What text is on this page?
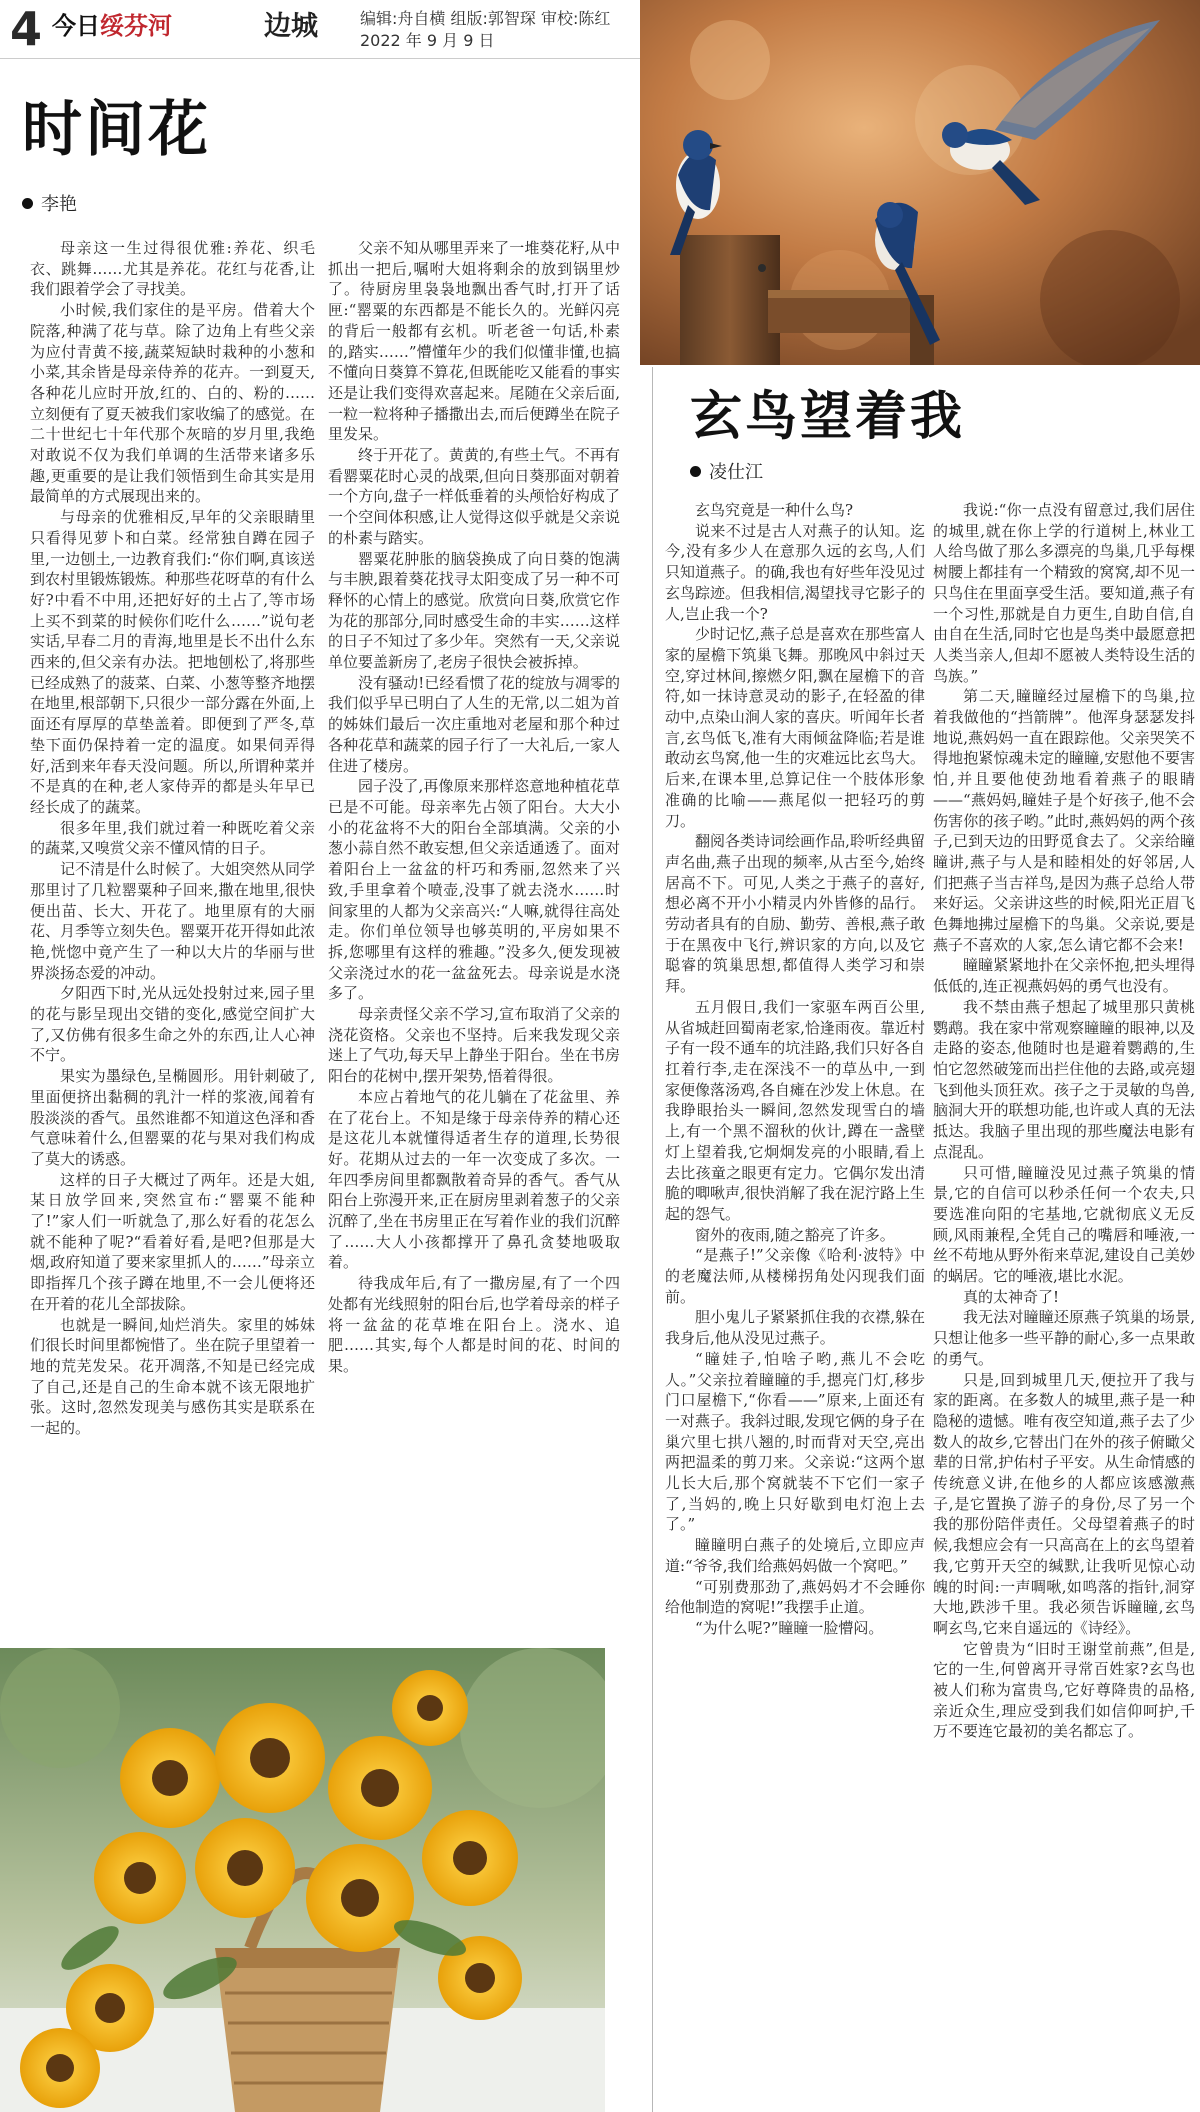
4 今日绥芬河	边城	编辑:舟自横 组版:郭智琛 审校:陈红
2022 年 9 月 9 日
时间花
李艳

母亲这一生过得很优雅:养花、织毛衣、跳舞……尤其是养花。花红与花香,让我们跟着学会了寻找美。

小时候,我们家住的是平房。借着大个院落,种满了花与草。除了边角上有些父亲为应付青黄不接,蔬菜短缺时栽种的小葱和小菜,其余皆是母亲侍养的花卉。一到夏天,各种花儿应时开放,红的、白的、粉的……立刻便有了夏天被我们家收编了的感觉。在二十世纪七十年代那个灰暗的岁月里,我绝对敢说不仅为我们单调的生活带来诸多乐趣,更重要的是让我们领悟到生命其实是用最简单的方式展现出来的。

与母亲的优雅相反,早年的父亲眼睛里只看得见萝卜和白菜。经常独自蹲在园子里,一边刨土,一边教育我们:“你们啊,真该送到农村里锻炼锻炼。种那些花呀草的有什么好?中看不中用,还把好好的土占了,等市场上买不到菜的时候你们吃什么……”说句老实话,早春二月的青海,地里是长不出什么东西来的,但父亲有办法。把地刨松了,将那些已经成熟了的菠菜、白菜、小葱等整齐地摆在地里,根部朝下,只很少一部分露在外面,上面还有厚厚的草垫盖着。即便到了严冬,草垫下面仍保持着一定的温度。如果伺弄得好,活到来年春天没问题。所以,所谓种菜并不是真的在种,老人家侍弄的都是头年早已经长成了的蔬菜。

很多年里,我们就过着一种既吃着父亲的蔬菜,又嗅赏父亲不懂风情的日子。

记不清是什么时候了。大姐突然从同学那里讨了几粒罂粟种子回来,撒在地里,很快便出苗、长大、开花了。地里原有的大丽花、月季等立刻失色。罂粟开花开得如此浓艳,恍惚中竟产生了一种以大片的华丽与世界淡扬态爱的冲动。

夕阳西下时,光从远处投射过来,园子里的花与影呈现出交错的变化,感觉空间扩大了,又仿佛有很多生命之外的东西,让人心神不宁。

果实为墨绿色,呈椭圆形。用针刺破了,里面便挤出黏稠的乳汁一样的浆液,闻着有股淡淡的香气。虽然谁都不知道这色泽和香气意味着什么,但罂粟的花与果对我们构成了莫大的诱惑。

这样的日子大概过了两年。还是大姐,某日放学回来,突然宣布:“罂粟不能种了!”家人们一听就急了,那么好看的花怎么就不能种了呢?“看着好看,是吧?但那是大烟,政府知道了要来家里抓人的……”母亲立即指挥几个孩子蹲在地里,不一会儿便将还在开着的花儿全部拔除。

也就是一瞬间,灿烂消失。家里的姊妹们很长时间里都惋惜了。坐在院子里望着一地的荒芜发呆。花开凋落,不知是已经完成了自己,还是自己的生命本就不该无限地扩张。这时,忽然发现美与感伤其实是联系在一起的。

父亲不知从哪里弄来了一堆葵花籽,从中抓出一把后,嘱咐大姐将剩余的放到锅里炒了。待厨房里袅袅地飘出香气时,打开了话匣:“罂粟的东西都是不能长久的。光鲜闪亮的背后一般都有玄机。听老爸一句话,朴素的,踏实……”懵懂年少的我们似懂非懂,也搞不懂向日葵算不算花,但既能吃又能看的事实还是让我们变得欢喜起来。尾随在父亲后面,一粒一粒将种子播撒出去,而后便蹲坐在院子里发呆。

终于开花了。黄黄的,有些土气。不再有看罂粟花时心灵的战栗,但向日葵那面对朝着一个方向,盘子一样低垂着的头颅恰好构成了一个空间体积感,让人觉得这似乎就是父亲说的朴素与踏实。

罂粟花肿胀的脑袋换成了向日葵的饱满与丰腴,跟着葵花找寻太阳变成了另一种不可释怀的心情上的感觉。欣赏向日葵,欣赏它作为花的那部分,同时感受生命的丰实……这样的日子不知过了多少年。突然有一天,父亲说单位要盖新房了,老房子很快会被拆掉。

没有骚动!已经看惯了花的绽放与凋零的我们似乎早已明白了人生的无常,以二姐为首的姊妹们最后一次庄重地对老屋和那个种过各种花草和蔬菜的园子行了一大礼后,一家人住进了楼房。

园子没了,再像原来那样恣意地种植花草已是不可能。母亲率先占领了阳台。大大小小的花盆将不大的阳台全部填满。父亲的小葱小蒜自然不敢妄想,但父亲适通透了。面对着阳台上一盆盆的杆巧和秀丽,忽然来了兴致,手里拿着个喷壶,没事了就去浇水……时间家里的人都为父亲高兴:“人嘛,就得往高处走。你们单位领导也够英明的,平房如果不拆,您哪里有这样的雅趣。”没多久,便发现被父亲浇过水的花一盆盆死去。母亲说是水浇多了。

母亲责怪父亲不学习,宣布取消了父亲的浇花资格。父亲也不坚持。后来我发现父亲迷上了气功,每天早上静坐于阳台。坐在书房阳台的花树中,摆开架势,悟着得很。

本应占着地气的花儿躺在了花盆里、养在了花台上。不知是缘于母亲侍养的精心还是这花儿本就懂得适者生存的道理,长势很好。花期从过去的一年一次变成了多次。一年四季房间里都飘散着奇异的香气。香气从阳台上弥漫开来,正在厨房里剥着葱子的父亲沉醉了,坐在书房里正在写着作业的我们沉醉了……大人小孩都撑开了鼻孔贪婪地吸取着。

待我成年后,有了一撒房屋,有了一个四处都有光线照射的阳台后,也学着母亲的样子将一盆盆的花草堆在阳台上。浇水、追肥……其实,每个人都是时间的花、时间的果。

玄鸟望着我
凌仕江

玄鸟究竟是一种什么鸟?

说来不过是古人对燕子的认知。迄今,没有多少人在意那久远的玄鸟,人们只知道燕子。的确,我也有好些年没见过玄鸟踪迹。但我相信,渴望找寻它影子的人,岂止我一个?

少时记忆,燕子总是喜欢在那些富人家的屋檐下筑巢飞舞。那晚风中斜过天空,穿过林间,擦燃夕阳,飘在屋檐下的音符,如一抹诗意灵动的影子,在轻盈的律动中,点染山涧人家的喜庆。听闻年长者言,玄鸟低飞,准有大雨倾盆降临;若是谁敢动玄鸟窝,他一生的灾难远比玄鸟大。后来,在课本里,总算记住一个肢体形象准确的比喻——燕尾似一把轻巧的剪刀。

翻阅各类诗词绘画作品,聆听经典留声名曲,燕子出现的频率,从古至今,始终居高不下。可见,人类之于燕子的喜好,想必离不开小小精灵内外皆修的品行。劳动者具有的自励、勤劳、善根,燕子敢于在黑夜中飞行,辨识家的方向,以及它聪睿的筑巢思想,都值得人类学习和崇拜。

五月假日,我们一家驱车两百公里,从省城赶回蜀南老家,恰逢雨夜。靠近村子有一段不通车的坑洼路,我们只好各自扛着行李,走在深浅不一的草丛中,一到家便像落汤鸡,各自瘫在沙发上休息。在我睁眼抬头一瞬间,忽然发现雪白的墙上,有一个黑不溜秋的伙计,蹲在一盏壁灯上望着我,它炯炯发亮的小眼睛,看上去比孩童之眼更有定力。它偶尔发出清脆的唧啾声,很快消解了我在泥泞路上生起的怨气。

窗外的夜雨,随之豁亮了许多。

“是燕子!”父亲像《哈利·波特》中的老魔法师,从楼梯拐角处闪现我们面前。

胆小鬼儿子紧紧抓住我的衣襟,躲在我身后,他从没见过燕子。

“瞳娃子,怕啥子哟,燕儿不会吃人。”父亲拉着瞳瞳的手,摁亮门灯,移步门口屋檐下,“你看——”原来,上面还有一对燕子。我斜过眼,发现它俩的身子在巢穴里七拱八翘的,时而背对天空,亮出两把温柔的剪刀来。父亲说:“这两个崽儿长大后,那个窝就装不下它们一家子了,当妈的,晚上只好歇到电灯泡上去了。”

瞳瞳明白燕子的处境后,立即应声道:“爷爷,我们给燕妈妈做一个窝吧。”

“可别费那劲了,燕妈妈才不会睡你给他制造的窝呢!”我摆手止道。

“为什么呢?”瞳瞳一脸懵闷。

我说:“你一点没有留意过,我们居住的城里,就在你上学的行道树上,林业工人给鸟做了那么多漂亮的鸟巢,几乎每棵树腰上都挂有一个精致的窝窝,却不见一只鸟住在里面享受生活。要知道,燕子有一个习性,那就是自力更生,自助自信,自由自在生活,同时它也是鸟类中最愿意把人类当亲人,但却不愿被人类特设生活的鸟族。”

第二天,瞳瞳经过屋檐下的鸟巢,拉着我做他的“挡箭牌”。他浑身瑟瑟发抖地说,燕妈妈一直在跟踪他。父亲哭笑不得地抱紧惊魂未定的瞳瞳,安慰他不要害怕,并且要他使劲地看着燕子的眼睛——“燕妈妈,瞳娃子是个好孩子,他不会伤害你的孩子哟。”此时,燕妈妈的两个孩子,已到天边的田野觅食去了。父亲给瞳瞳讲,燕子与人是和睦相处的好邻居,人们把燕子当吉祥鸟,是因为燕子总给人带来好运。父亲讲这些的时候,阳光正眉飞色舞地拂过屋檐下的鸟巢。父亲说,要是燕子不喜欢的人家,怎么请它都不会来!

瞳瞳紧紧地扑在父亲怀抱,把头埋得低低的,连正视燕妈妈的勇气也没有。

我不禁由燕子想起了城里那只黄桃鹦鹉。我在家中常观察瞳瞳的眼神,以及走路的姿态,他随时也是避着鹦鹉的,生怕它忽然破笼而出拦住他的去路,或亮翅飞到他头顶狂欢。孩子之于灵敏的鸟兽,脑洞大开的联想功能,也许或人真的无法抵达。我脑子里出现的那些魔法电影有点混乱。

只可惜,瞳瞳没见过燕子筑巢的情景,它的自信可以秒杀任何一个农夫,只要选准向阳的宅基地,它就彻底义无反顾,风雨兼程,全凭自己的嘴唇和唾液,一丝不苟地从野外衔来草泥,建设自己美妙的蜗居。它的唾液,堪比水泥。

真的太神奇了!

我无法对瞳瞳还原燕子筑巢的场景,只想让他多一些平静的耐心,多一点果敢的勇气。

只是,回到城里几天,便拉开了我与家的距离。在多数人的城里,燕子是一种隐秘的遗憾。唯有夜空知道,燕子去了少数人的故乡,它替出门在外的孩子俯瞰父辈的日常,护佑村子平安。从生命情感的传统意义讲,在他乡的人都应该感激燕子,是它置换了游子的身份,尽了另一个我的那份陪伴责任。父母望着燕子的时候,我想应会有一只高高在上的玄鸟望着我,它剪开天空的缄默,让我听见惊心动魄的时间:一声啁啾,如鸣落的指针,洞穿大地,跌涉千里。我必须告诉瞳瞳,玄鸟啊玄鸟,它来自遥远的《诗经》。

它曾贵为“旧时王谢堂前燕”,但是,它的一生,何曾离开寻常百姓家?玄鸟也被人们称为富贵鸟,它好尊降贵的品格,亲近众生,理应受到我们如信仰呵护,千万不要连它最初的美名都忘了。
